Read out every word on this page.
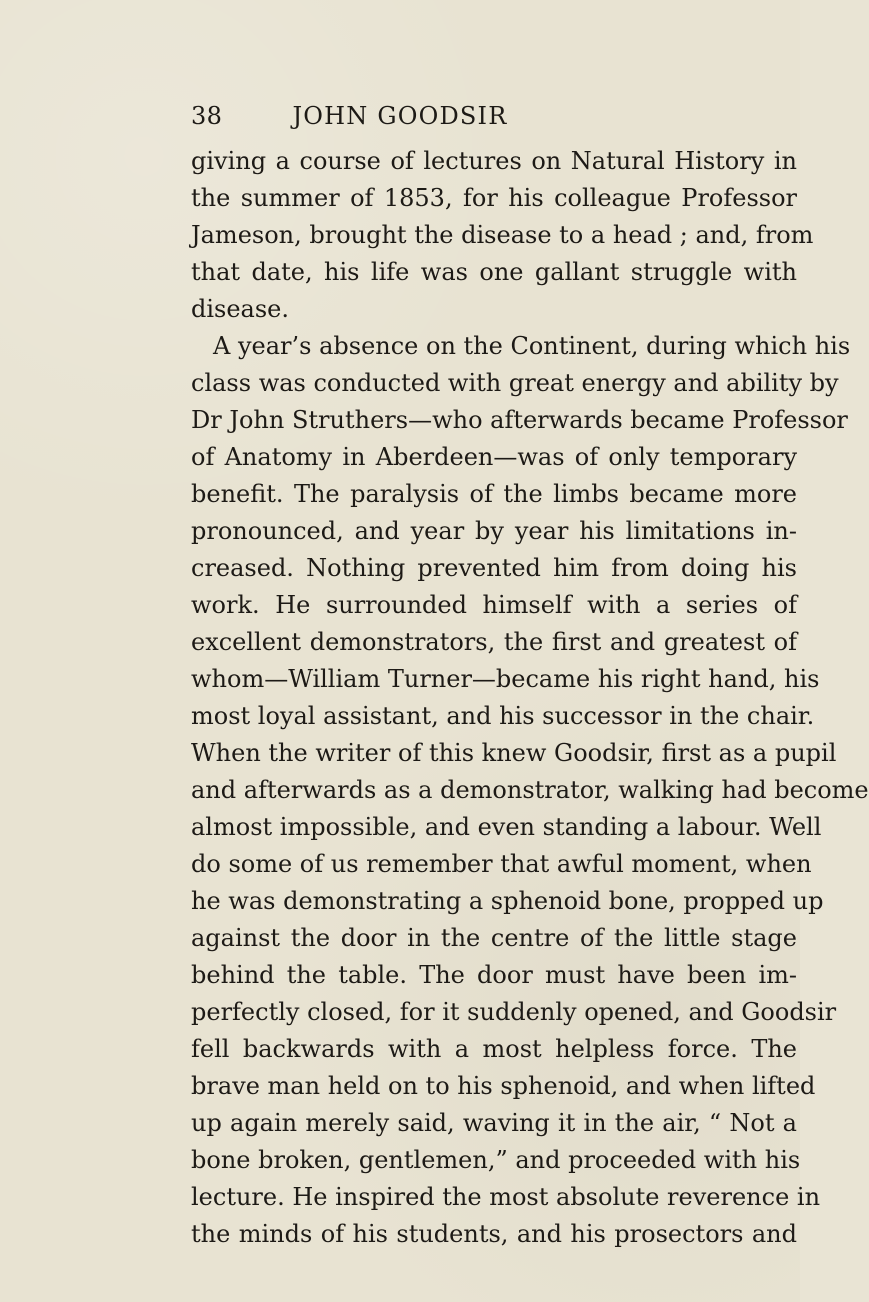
38	JOHN GOODSIR
giving a course of lectures on Natural History in
the summer of 1853, for his colleague Professor
Jameson, brought the disease to a head ; and, from
that date, his life was one gallant struggle with
disease.
A year’s absence on the Continent, during which his
class was conducted with great energy and ability by
Dr John Struthers—who afterwards became Professor
of Anatomy in Aberdeen—was of only temporary
benefit. The paralysis of the limbs became more
pronounced, and year by year his limitations in-
creased. Nothing prevented him from doing his
work. He surrounded himself with a series of
excellent demonstrators, the first and greatest of
whom—William Turner—became his right hand, his
most loyal assistant, and his successor in the chair.
When the writer of this knew Goodsir, first as a pupil
and afterwards as a demonstrator, walking had become
almost impossible, and even standing a labour. Well
do some of us remember that awful moment, when
he was demonstrating a sphenoid bone, propped up
against the door in the centre of the little stage
behind the table. The door must have been im-
perfectly closed, for it suddenly opened, and Goodsir
fell backwards with a most helpless force. The
brave man held on to his sphenoid, and when lifted
up again merely said, waving it in the air, “ Not a
bone broken, gentlemen,” and proceeded with his
lecture. He inspired the most absolute reverence in
the minds of his students, and his prosectors and
